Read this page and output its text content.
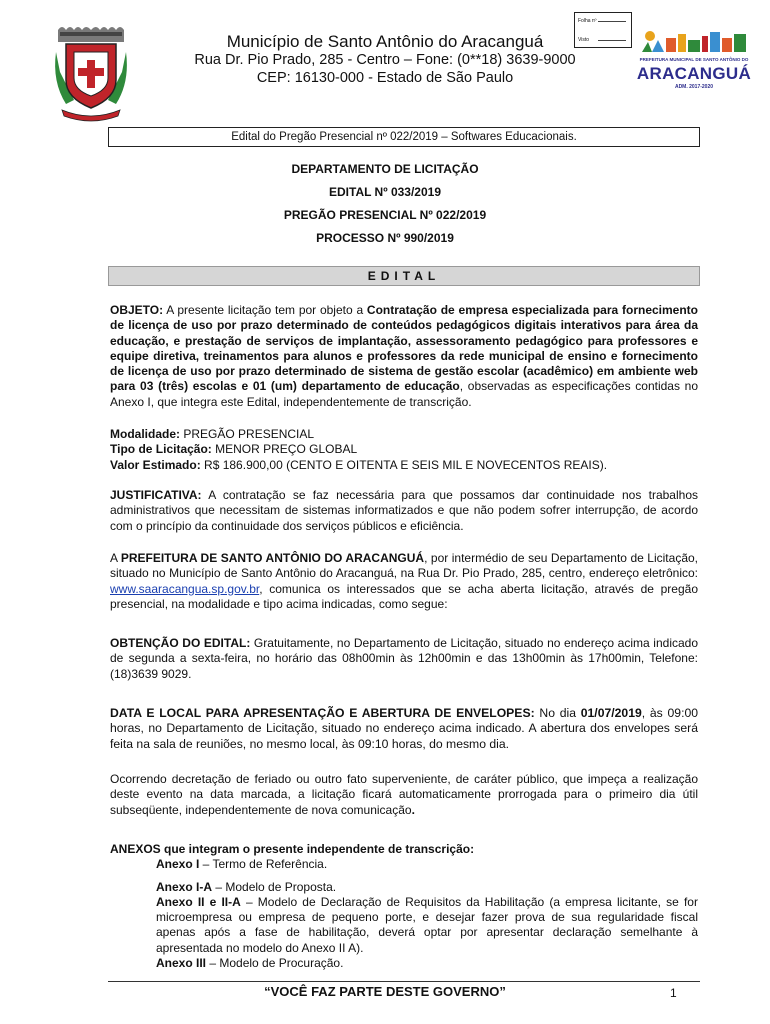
Município de Santo Antônio do Aracanguá
Rua Dr. Pio Prado, 285 - Centro – Fone: (0**18) 3639-9000
CEP: 16130-000 - Estado de São Paulo
Folha nº

Visto
PREFEITURA MUNICIPAL DE SANTO ANTÔNIO DO
ARACANGUÁ
ADM. 2017-2020
Edital do Pregão Presencial nº 022/2019 – Softwares Educacionais.
DEPARTAMENTO DE LICITAÇÃO
EDITAL Nº 033/2019
PREGÃO PRESENCIAL Nº 022/2019
PROCESSO Nº 990/2019
EDITAL
OBJETO: A presente licitação tem por objeto a Contratação de empresa especializada para fornecimento de licença de uso por prazo determinado de conteúdos pedagógicos digitais interativos para área da educação, e prestação de serviços de implantação, assessoramento pedagógico para professores e equipe diretiva, treinamentos para alunos e professores da rede municipal de ensino e fornecimento de licença de uso por prazo determinado de sistema de gestão escolar (acadêmico) em ambiente web para 03 (três) escolas e 01 (um) departamento de educação, observadas as especificações contidas no Anexo I, que integra este Edital, independentemente de transcrição.
Modalidade: PREGÃO PRESENCIAL
Tipo de Licitação: MENOR PREÇO GLOBAL
Valor Estimado: R$ 186.900,00 (CENTO E OITENTA E SEIS MIL E NOVECENTOS REAIS).
JUSTIFICATIVA: A contratação se faz necessária para que possamos dar continuidade nos trabalhos administrativos que necessitam de sistemas informatizados e que não podem sofrer interrupção, de acordo com o princípio da continuidade dos serviços públicos e eficiência.
A PREFEITURA DE SANTO ANTÔNIO DO ARACANGUÁ, por intermédio de seu Departamento de Licitação, situado no Município de Santo Antônio do Aracanguá, na Rua Dr. Pio Prado, 285, centro, endereço eletrônico: www.saaracangua.sp.gov.br, comunica os interessados que se acha aberta licitação, através de pregão presencial, na modalidade e tipo acima indicadas, como segue:
OBTENÇÃO DO EDITAL: Gratuitamente, no Departamento de Licitação, situado no endereço acima indicado de segunda a sexta-feira, no horário das 08h00min às 12h00min e das 13h00min às 17h00min, Telefone: (18)3639 9029.
DATA E LOCAL PARA APRESENTAÇÃO E ABERTURA DE ENVELOPES: No dia 01/07/2019, às 09:00 horas, no Departamento de Licitação, situado no endereço acima indicado. A abertura dos envelopes será feita na sala de reuniões, no mesmo local, às 09:10 horas, do mesmo dia.
Ocorrendo decretação de feriado ou outro fato superveniente, de caráter público, que impeça a realização deste evento na data marcada, a licitação ficará automaticamente prorrogada para o primeiro dia útil subseqüente, independentemente de nova comunicação.
ANEXOS que integram o presente independente de transcrição:
Anexo I – Termo de Referência.
Anexo I-A – Modelo de Proposta.
Anexo II e II-A – Modelo de Declaração de Requisitos da Habilitação (a empresa licitante, se for microempresa ou empresa de pequeno porte, e desejar fazer prova de sua regularidade fiscal apenas após a fase de habilitação, deverá optar por apresentar declaração semelhante à apresentada no modelo do Anexo II A).
Anexo III – Modelo de Procuração.
“VOCÊ FAZ PARTE DESTE GOVERNO”	1
